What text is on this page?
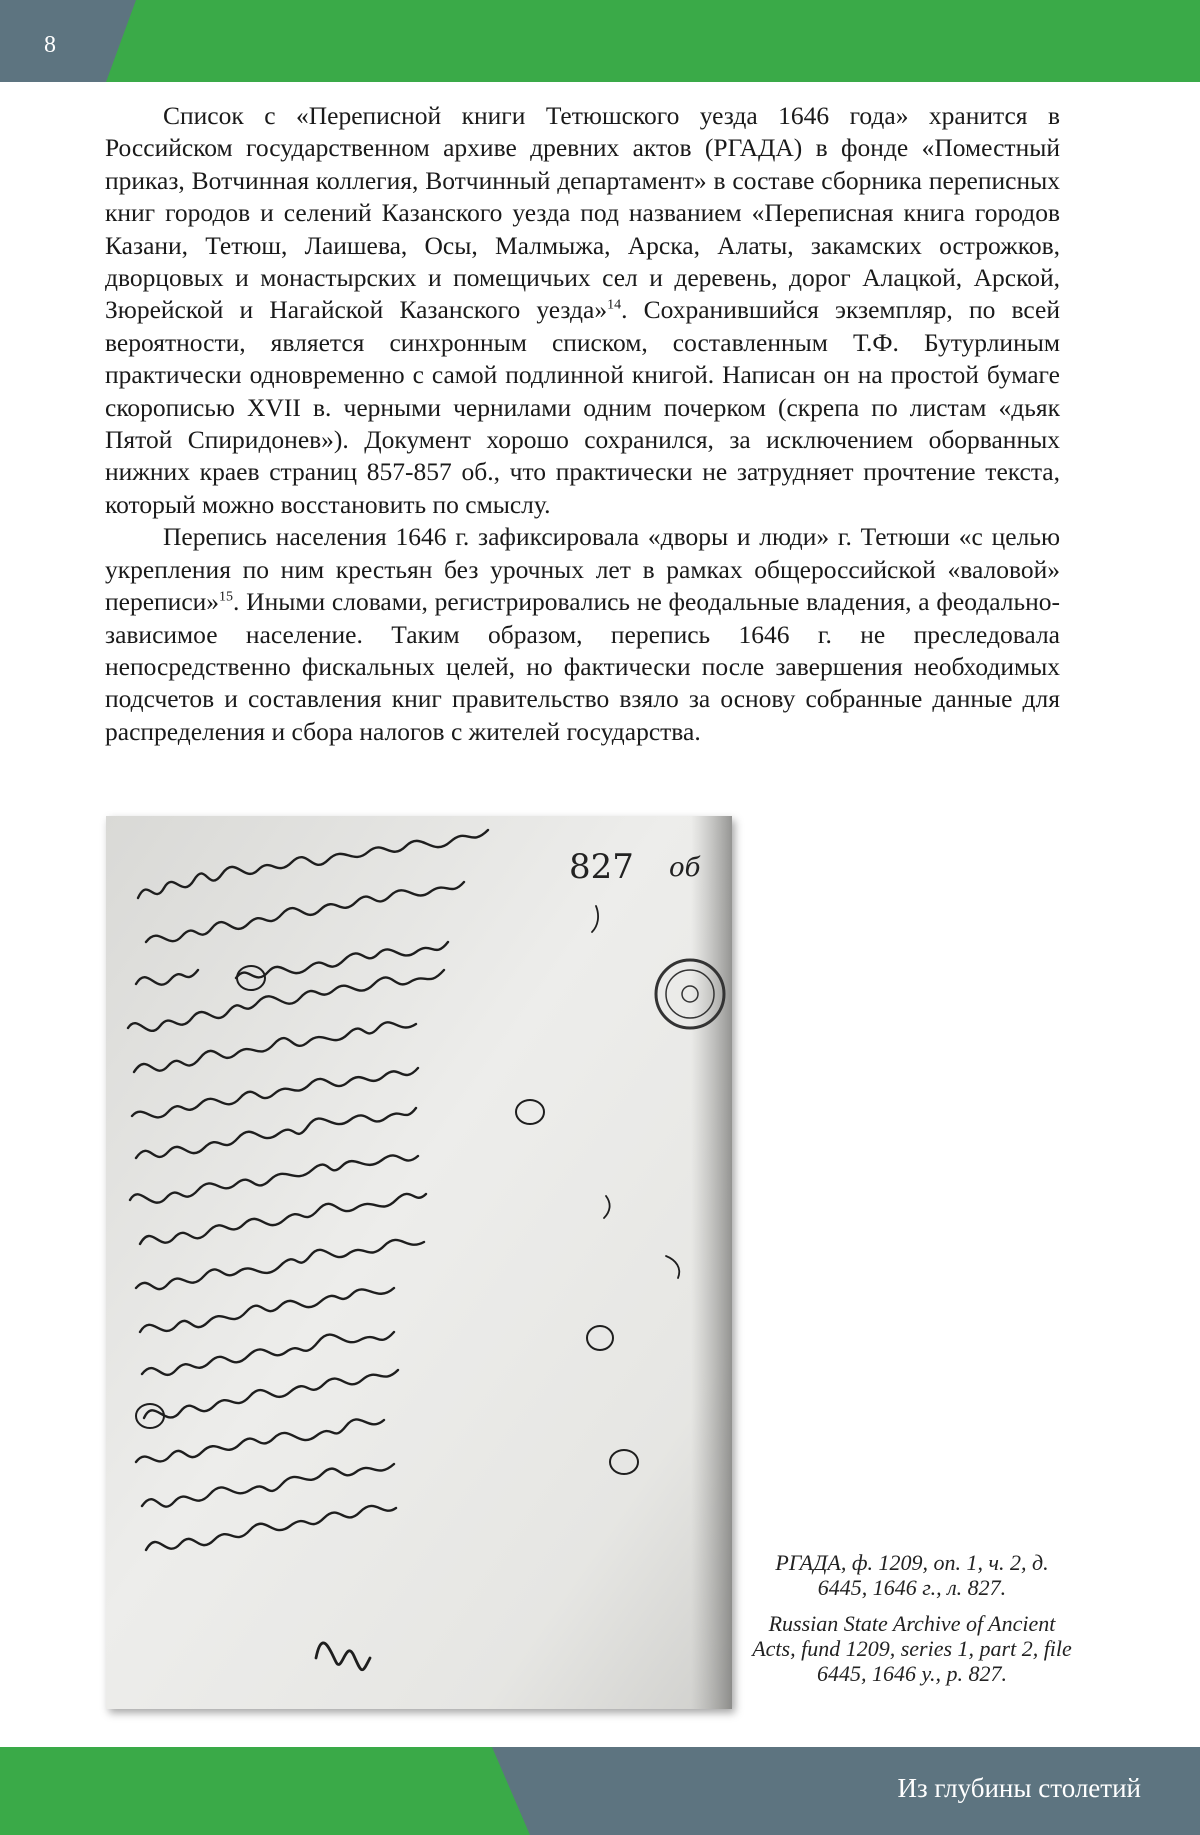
8

Список с «Переписной книги Тетюшского уезда 1646 года» хранится в Российском государственном архиве древних актов (РГАДА) в фонде «Поместный приказ, Вотчинная коллегия, Вотчинный департамент» в составе сборника переписных книг городов и селений Казанского уезда под названием «Переписная книга городов Казани, Тетюш, Лаишева, Осы, Малмыжа, Арска, Алаты, закамских острожков, дворцовых и монастырских и помещичьих сел и деревень, дорог Алацкой, Арской, Зюрейской и Нагайской Казанского уезда»$^{14}$. Сохранившийся экземпляр, по всей вероятности, является синхронным списком, составленным Т.Ф. Бутурлиным практически одновременно с самой подлинной книгой. Написан он на простой бумаге скорописью XVII в. черными чернилами одним почерком (скрепа по листам «дьяк Пятой Спиридонев»). Документ хорошо сохранился, за исключением оборванных нижних краев страниц 857-857 об., что практически не затрудняет прочтение текста, который можно восстановить по смыслу.

Перепись населения 1646 г. зафиксировала «дворы и люди» г. Тетюши «с целью укрепления по ним крестьян без урочных лет в рамках общероссийской «валовой» переписи»$^{15}$. Иными словами, регистрировались не феодальные владения, а феодально-зависимое население. Таким образом, перепись 1646 г. не преследовала непосредственно фискальных целей, но фактически после завершения необходимых подсчетов и составления книг правительство взяло за основу собранные данные для распределения и сбора налогов с жителей государства.

827 об

РГАДА, ф. 1209, оп. 1, ч. 2, д. 6445, 1646 г., л. 827.

Russian State Archive of Ancient Acts, fund 1209, series 1, part 2, file 6445, 1646 y., p. 827.

Из глубины столетий
